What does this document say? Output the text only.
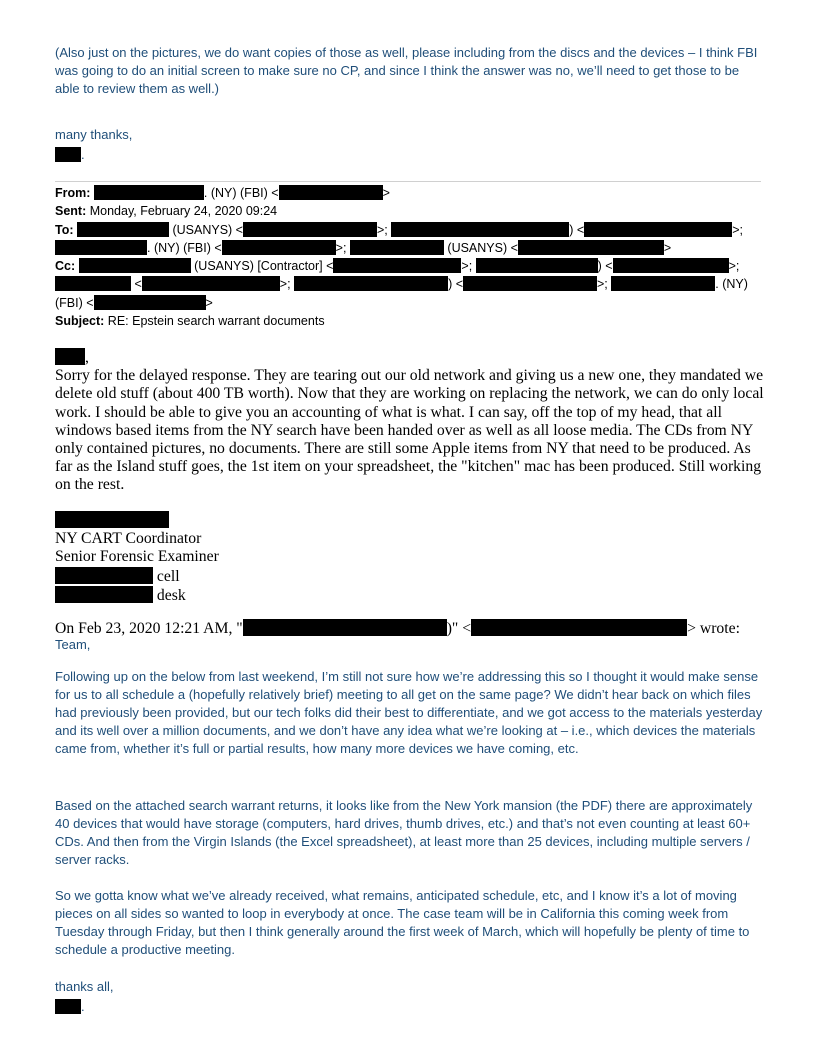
(Also just on the pictures, we do want copies of those as well, please including from the discs and the devices – I think FBI was going to do an initial screen to make sure no CP, and since I think the answer was no, we’ll need to get those to be able to review them as well.)
many thanks,
.
From:	. (NY) (FBI) <	>
Sent: Monday, February 24, 2020 09:24
To:	(USANYS) <	>;	) <	>;
. (NY) (FBI) <	>;	(USANYS) <	>
Cc:	(USANYS) [Contractor] <	>;	) <	>;
<	>;	) <	>;	. (NY)
(FBI) <	>
Subject: RE: Epstein search warrant documents
,
Sorry for the delayed response. They are tearing out our old network and giving us a new one, they mandated we delete old stuff (about 400 TB worth). Now that they are working on replacing the network, we can do only local work. I should be able to give you an accounting of what is what. I can say, off the top of my head, that all windows based items from the NY search have been handed over as well as all loose media. The CDs from NY only contained pictures, no documents. There are still some Apple items from NY that need to be produced. As far as the Island stuff goes, the 1st item on your spreadsheet, the "kitchen" mac has been produced. Still working on the rest.
NY CART Coordinator
Senior Forensic Examiner
cell
desk
On Feb 23, 2020 12:21 AM, "	)" <	> wrote:
Team,
Following up on the below from last weekend, I’m still not sure how we’re addressing this so I thought it would make sense for us to all schedule a (hopefully relatively brief) meeting to all get on the same page? We didn’t hear back on which files had previously been provided, but our tech folks did their best to differentiate, and we got access to the materials yesterday and its well over a million documents, and we don’t have any idea what we’re looking at – i.e., which devices the materials came from, whether it’s full or partial results, how many more devices we have coming, etc.
Based on the attached search warrant returns, it looks like from the New York mansion (the PDF) there are approximately 40 devices that would have storage (computers, hard drives, thumb drives, etc.) and that’s not even counting at least 60+ CDs. And then from the Virgin Islands (the Excel spreadsheet), at least more than 25 devices, including multiple servers / server racks.
So we gotta know what we’ve already received, what remains, anticipated schedule, etc, and I know it’s a lot of moving pieces on all sides so wanted to loop in everybody at once. The case team will be in California this coming week from Tuesday through Friday, but then I think generally around the first week of March, which will hopefully be plenty of time to schedule a productive meeting.
thanks all,
.
